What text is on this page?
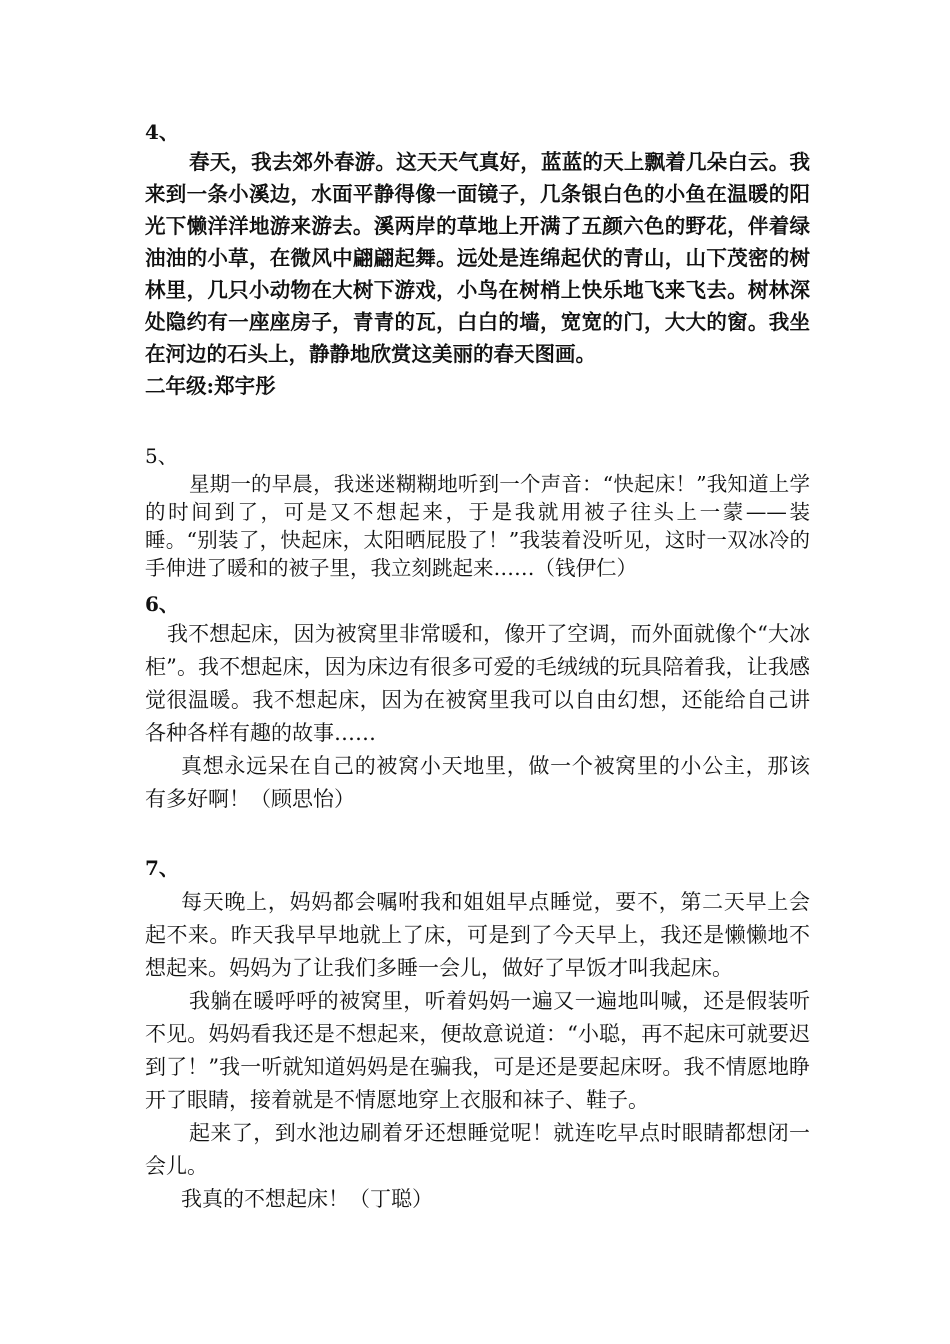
4、

春天，我去郊外春游。这天天气真好，蓝蓝的天上飘着几朵白云。我来到一条小溪边，水面平静得像一面镜子，几条银白色的小鱼在温暖的阳光下懒洋洋地游来游去。溪两岸的草地上开满了五颜六色的野花，伴着绿油油的小草，在微风中翩翩起舞。远处是连绵起伏的青山，山下茂密的树林里，几只小动物在大树下游戏，小鸟在树梢上快乐地飞来飞去。树林深处隐约有一座座房子，青青的瓦，白白的墙，宽宽的门，大大的窗。我坐在河边的石头上，静静地欣赏这美丽的春天图画。

二年级:郑宇彤

5、

星期一的早晨，我迷迷糊糊地听到一个声音：“快起床！”我知道上学的时间到了，可是又不想起来，于是我就用被子往头上一蒙——装睡。“别装了，快起床，太阳晒屁股了！”我装着没听见，这时一双冰冷的手伸进了暖和的被子里，我立刻跳起来……（钱伊仁）

6、

我不想起床，因为被窝里非常暖和，像开了空调，而外面就像个“大冰柜”。我不想起床，因为床边有很多可爱的毛绒绒的玩具陪着我，让我感觉很温暖。我不想起床，因为在被窝里我可以自由幻想，还能给自己讲各种各样有趣的故事……

真想永远呆在自己的被窝小天地里，做一个被窝里的小公主，那该有多好啊！（顾思怡）

7、

每天晚上，妈妈都会嘱咐我和姐姐早点睡觉，要不，第二天早上会起不来。昨天我早早地就上了床，可是到了今天早上，我还是懒懒地不想起来。妈妈为了让我们多睡一会儿，做好了早饭才叫我起床。

我躺在暖呼呼的被窝里，听着妈妈一遍又一遍地叫喊，还是假装听不见。妈妈看我还是不想起来，便故意说道：“小聪，再不起床可就要迟到了！”我一听就知道妈妈是在骗我，可是还是要起床呀。我不情愿地睁开了眼睛，接着就是不情愿地穿上衣服和袜子、鞋子。

起来了，到水池边刷着牙还想睡觉呢！就连吃早点时眼睛都想闭一会儿。

我真的不想起床！（丁聪）
